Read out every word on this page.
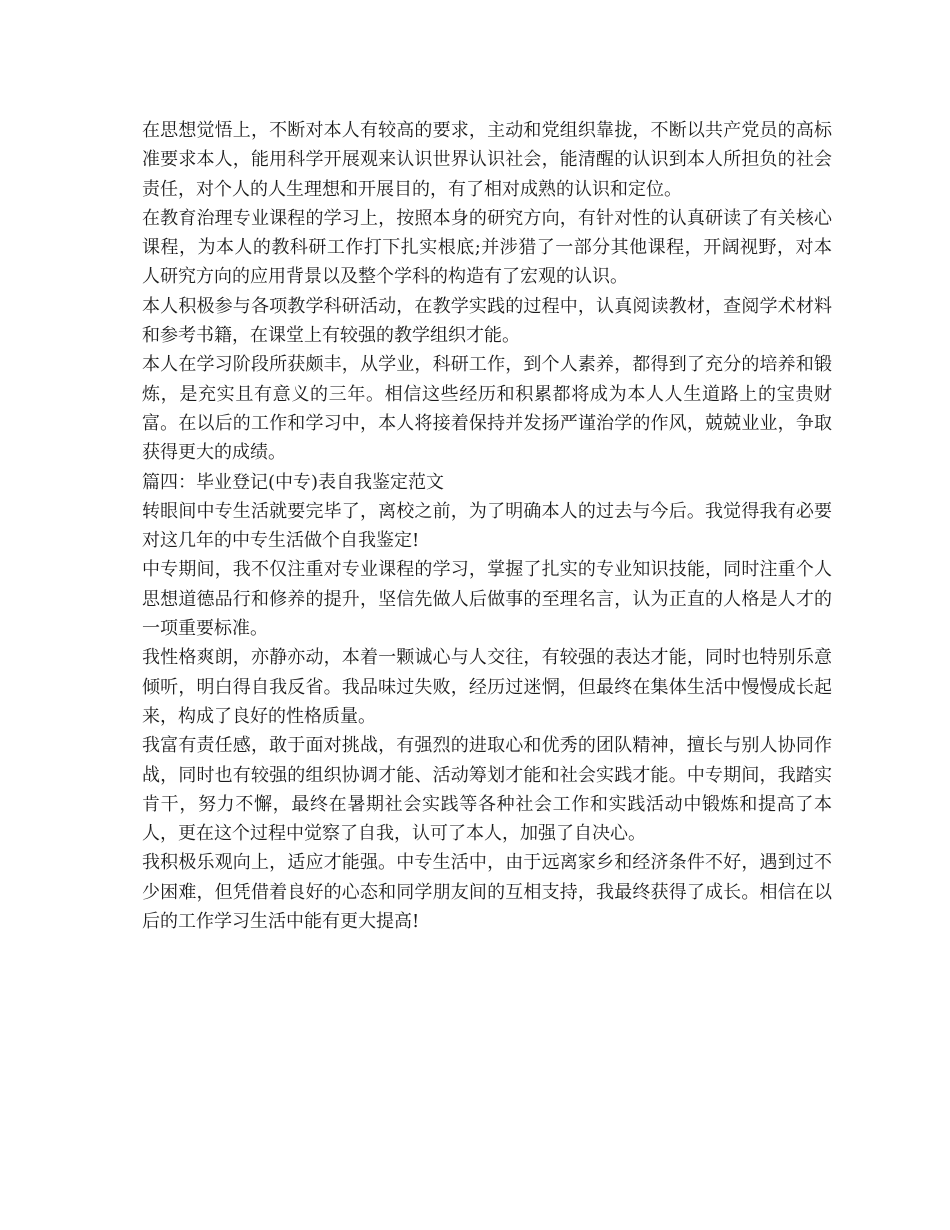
在思想觉悟上，不断对本人有较高的要求，主动和党组织靠拢，不断以共产党员的高标准要求本人，能用科学开展观来认识世界认识社会，能清醒的认识到本人所担负的社会责任，对个人的人生理想和开展目的，有了相对成熟的认识和定位。

在教育治理专业课程的学习上，按照本身的研究方向，有针对性的认真研读了有关核心课程，为本人的教科研工作打下扎实根底;并涉猎了一部分其他课程，开阔视野，对本人研究方向的应用背景以及整个学科的构造有了宏观的认识。

本人积极参与各项教学科研活动，在教学实践的过程中，认真阅读教材，查阅学术材料和参考书籍，在课堂上有较强的教学组织才能。

本人在学习阶段所获颇丰，从学业，科研工作，到个人素养，都得到了充分的培养和锻炼，是充实且有意义的三年。相信这些经历和积累都将成为本人人生道路上的宝贵财富。在以后的工作和学习中，本人将接着保持并发扬严谨治学的作风，兢兢业业，争取获得更大的成绩。

篇四：毕业登记(中专)表自我鉴定范文

转眼间中专生活就要完毕了，离校之前，为了明确本人的过去与今后。我觉得我有必要对这几年的中专生活做个自我鉴定!

中专期间，我不仅注重对专业课程的学习，掌握了扎实的专业知识技能，同时注重个人思想道德品行和修养的提升，坚信先做人后做事的至理名言，认为正直的人格是人才的一项重要标准。

我性格爽朗，亦静亦动，本着一颗诚心与人交往，有较强的表达才能，同时也特别乐意倾听，明白得自我反省。我品味过失败，经历过迷惘，但最终在集体生活中慢慢成长起来，构成了良好的性格质量。

我富有责任感，敢于面对挑战，有强烈的进取心和优秀的团队精神，擅长与别人协同作战，同时也有较强的组织协调才能、活动筹划才能和社会实践才能。中专期间，我踏实肯干，努力不懈，最终在暑期社会实践等各种社会工作和实践活动中锻炼和提高了本人，更在这个过程中觉察了自我，认可了本人，加强了自决心。

我积极乐观向上，适应才能强。中专生活中，由于远离家乡和经济条件不好，遇到过不少困难，但凭借着良好的心态和同学朋友间的互相支持，我最终获得了成长。相信在以后的工作学习生活中能有更大提高!
